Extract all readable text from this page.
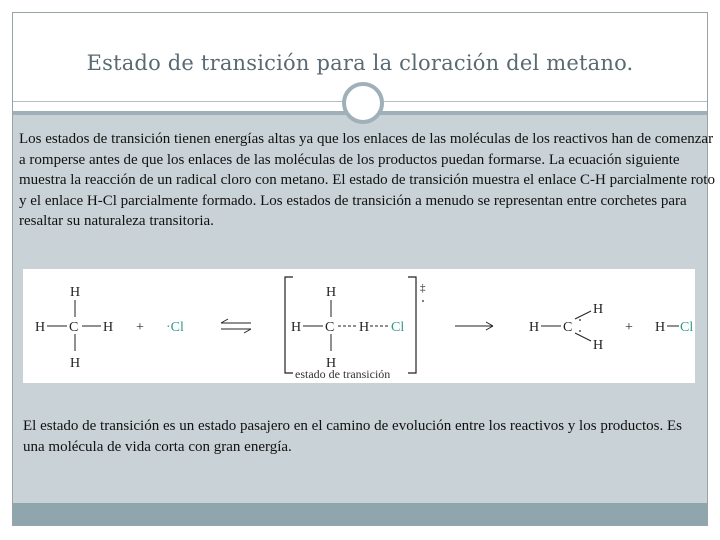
Estado de transición para la cloración del metano.
Los estados de transición tienen energías altas ya que los enlaces de las moléculas de los reactivos han de comenzar a romperse antes de que los enlaces de las moléculas de los productos puedan formarse. La ecuación siguiente muestra la reacción de un radical cloro con metano. El estado de transición muestra el enlace C-H parcialmente roto y el enlace H-Cl parcialmente formado. Los estados de transición a menudo se representan entre corchetes para resaltar su naturaleza transitoria.
H
H C H
H
+ ·Cl
‡
H
H C H Cl
H
H C
H
H
+ H Cl
estado de transición
El estado de transición es un estado pasajero en el camino de evolución entre los reactivos y los productos. Es una molécula de vida corta con gran energía.
